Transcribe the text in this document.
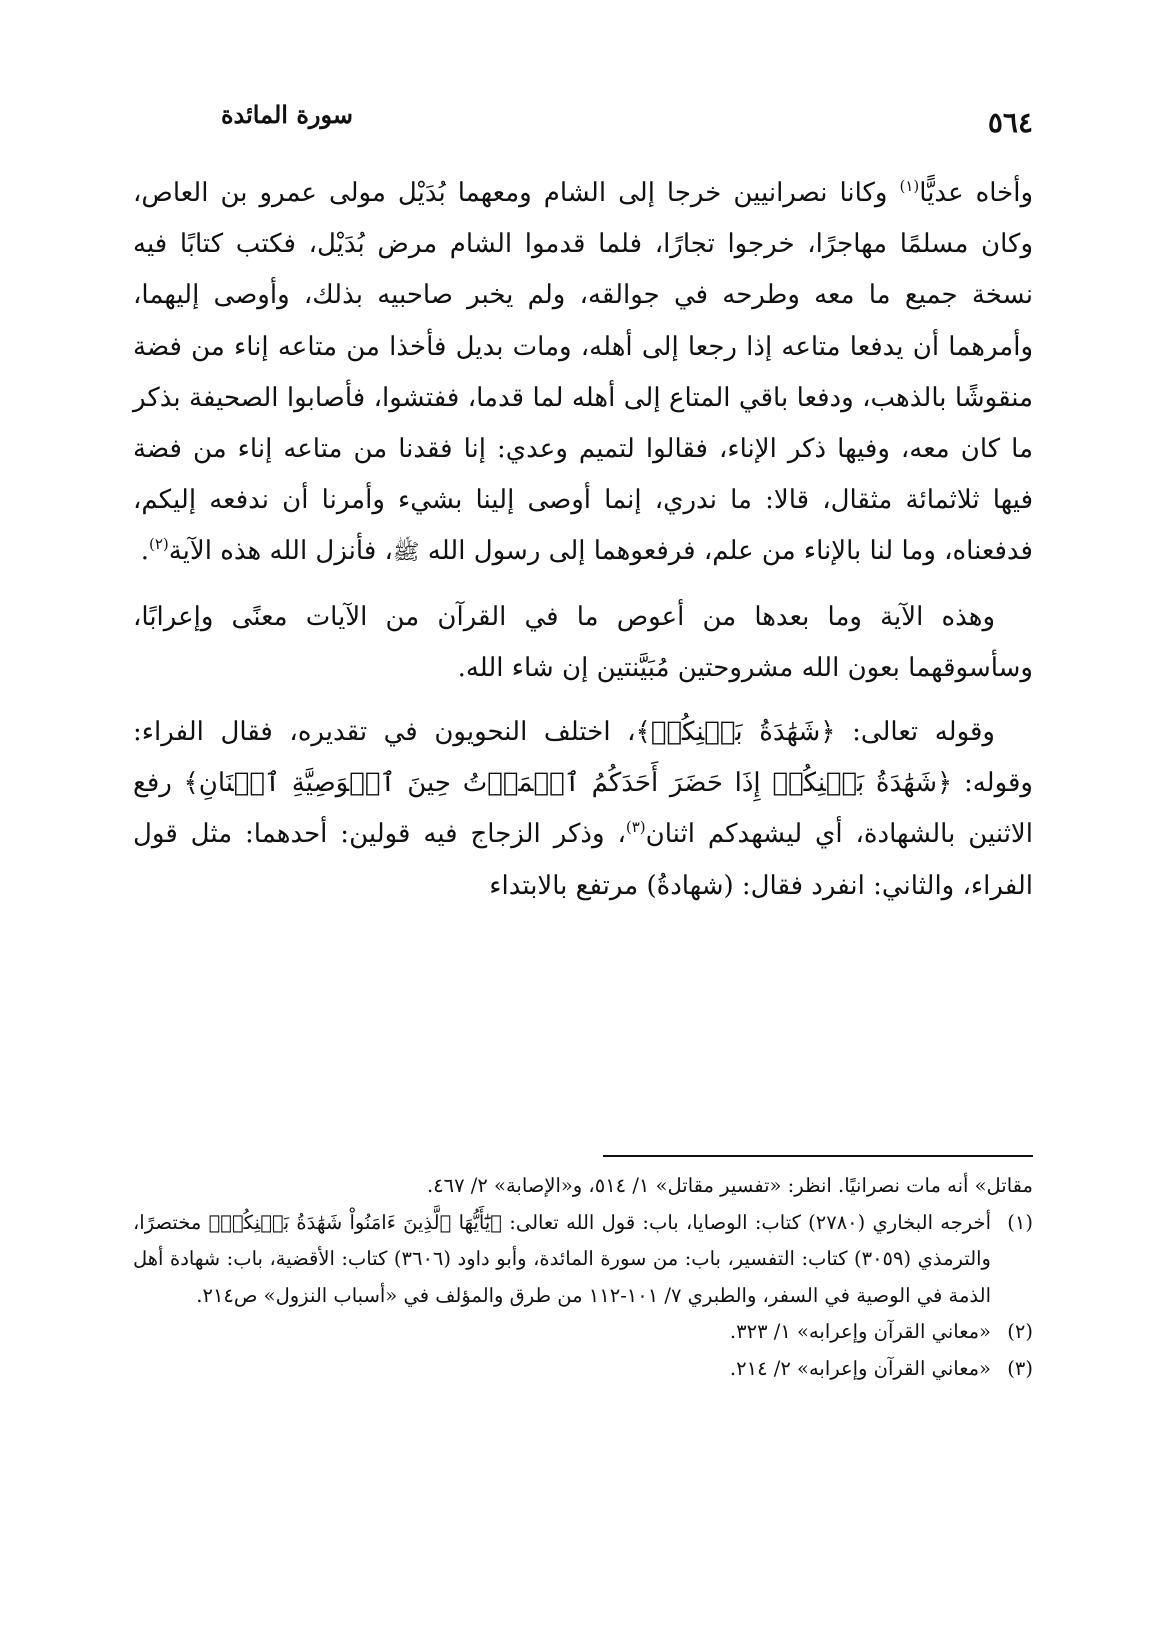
سورة المائدة	٥٦٤

وأخاه عديًّا$^{(١)}$ وكانا نصرانيين خرجا إلى الشام ومعهما بُدَيْل مولى عمرو بن العاص، وكان مسلمًا مهاجرًا، خرجوا تجارًا، فلما قدموا الشام مرض بُدَيْل، فكتب كتابًا فيه نسخة جميع ما معه وطرحه في جوالقه، ولم يخبر صاحبيه بذلك، وأوصى إليهما، وأمرهما أن يدفعا متاعه إذا رجعا إلى أهله، ومات بديل فأخذا من متاعه إناء من فضة منقوشًا بالذهب، ودفعا باقي المتاع إلى أهله لما قدما، ففتشوا، فأصابوا الصحيفة بذكر ما كان معه، وفيها ذكر الإناء، فقالوا لتميم وعدي: إنا فقدنا من متاعه إناء من فضة فيها ثلاثمائة مثقال، قالا: ما ندري، إنما أوصى إلينا بشيء وأمرنا أن ندفعه إليكم، فدفعناه، وما لنا بالإناء من علم، فرفعوهما إلى رسول الله ﷺ، فأنزل الله هذه الآية$^{(٢)}$.

وهذه الآية وما بعدها من أعوص ما في القرآن من الآيات معنًى وإعرابًا، وسأسوقهما بعون الله مشروحتين مُبَيَّنتين إن شاء الله.

وقوله تعالى: ﴿شَهَٰدَةُ بَيۡنِكُمۡ﴾، اختلف النحويون في تقديره، فقال الفراء: وقوله: ﴿شَهَٰدَةُ بَيۡنِكُمۡ إِذَا حَضَرَ أَحَدَكُمُ ٱلۡمَوۡتُ حِينَ ٱلۡوَصِيَّةِ ٱثۡنَانِ﴾ رفع الاثنين بالشهادة، أي ليشهدكم اثنان$^{(٣)}$، وذكر الزجاج فيه قولين: أحدهما: مثل قول الفراء، والثاني: انفرد فقال: (شهادةُ) مرتفع بالابتداء

مقاتل» أنه مات نصرانيًا. انظر: «تفسير مقاتل» ١/ ٥١٤، و«الإصابة» ٢/ ٤٦٧.

(١)
أخرجه البخاري (٢٧٨٠) كتاب: الوصايا، باب: قول الله تعالى: ﴿يَٰٓأَيُّهَا ٱلَّذِينَ ءَامَنُواْ شَهَٰدَةُ بَيۡنِكُمۡ﴾ مختصرًا، والترمذي (٣٠٥٩) كتاب: التفسير، باب: من سورة المائدة، وأبو داود (٣٦٠٦) كتاب: الأقضية، باب: شهادة أهل الذمة في الوصية في السفر، والطبري ٧/ ١٠١-١١٢ من طرق والمؤلف في «أسباب النزول» ص٢١٤.
(٢)
«معاني القرآن وإعرابه» ١/ ٣٢٣.
(٣)
«معاني القرآن وإعرابه» ٢/ ٢١٤.
